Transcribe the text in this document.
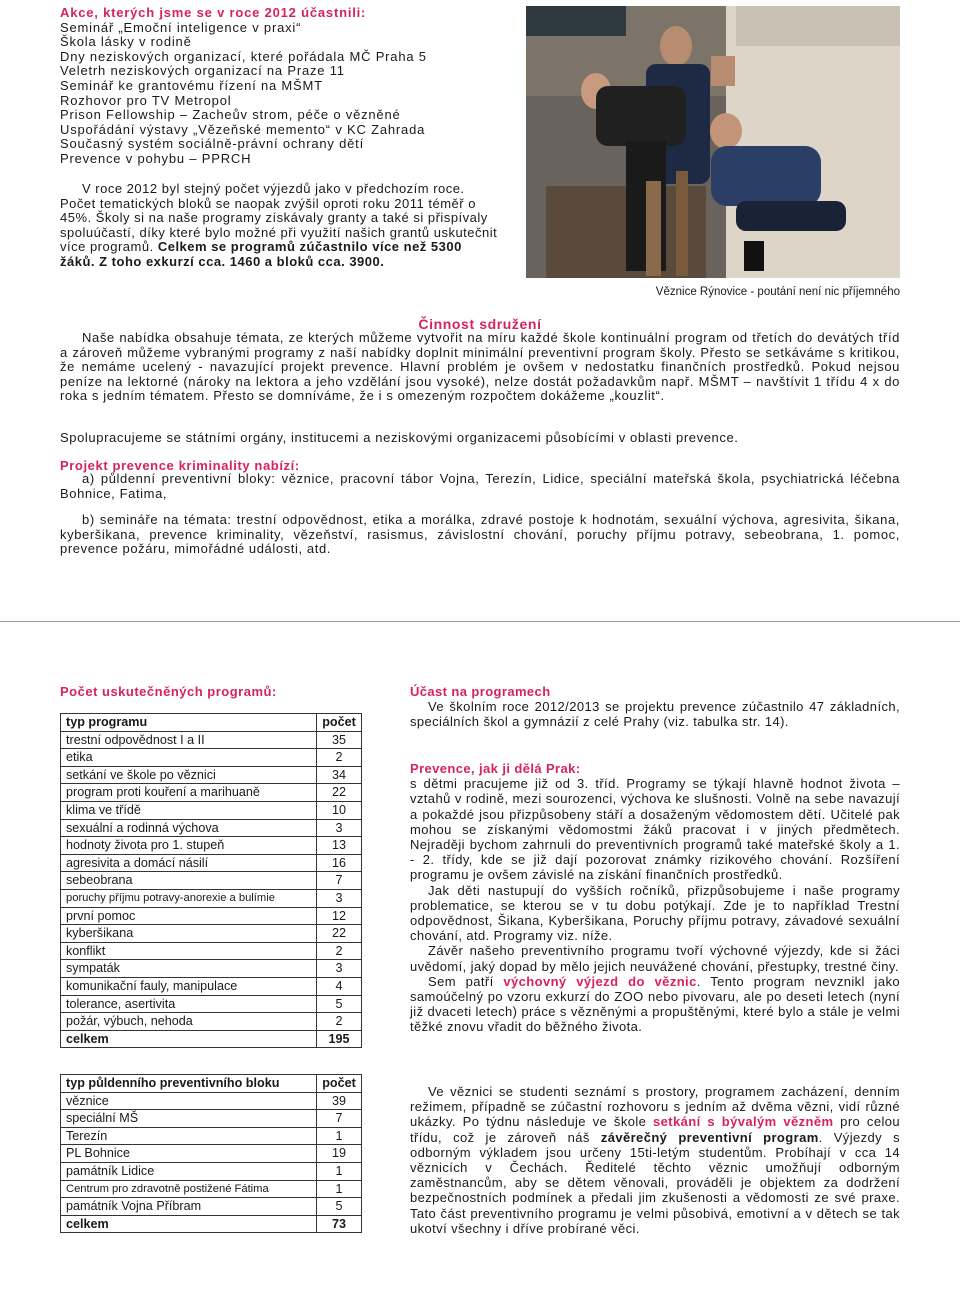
Akce, kterých jsme se v roce 2012 účastnili:
Seminář „Emoční inteligence v praxi“
Škola lásky v rodině
Dny neziskových organizací, které pořádala MČ Praha 5
Veletrh neziskových organizací na Praze 11
Seminář ke grantovému řízení na MŠMT
Rozhovor pro TV Metropol
Prison Fellowship – Zacheův strom, péče o vězněné
Uspořádání výstavy „Vězeňské memento“ v KC Zahrada
Současný systém sociálně-právní ochrany dětí
Prevence v pohybu – PPRCH

V roce 2012 byl stejný počet výjezdů jako v předchozím roce. Počet tematických bloků se naopak zvýšil oproti roku 2011 téměř o 45%. Školy si na naše programy získávaly granty a také si přispívaly spoluúčastí, díky které bylo možné při využití našich grantů uskutečnit více programů. Celkem se programů zúčastnilo více než 5300 žáků. Z toho exkurzí cca. 1460 a bloků cca. 3900.

Věznice Rýnovice - poutání není nic příjemného
Činnost sdružení
Naše nabídka obsahuje témata, ze kterých můžeme vytvořit na míru každé škole kontinuální program od třetích do devátých tříd a zároveň můžeme vybranými programy z naší nabídky doplnit minimální preventivní program školy. Přesto se setkáváme s kritikou, že nemáme ucelený - navazující projekt prevence. Hlavní problém je ovšem v nedostatku finančních prostředků. Pokud nejsou peníze na lektorné (nároky na lektora a jeho vzdělání jsou vysoké), nelze dostát požadavkům např. MŠMT – navštívit 1 třídu 4 x do roka s jedním tématem. Přesto se domníváme, že i s omezeným rozpočtem dokážeme „kouzlit“.
Spolupracujeme se státními orgány, institucemi a neziskovými organizacemi působícími v oblasti prevence.
Projekt prevence kriminality nabízí:
a) půldenní preventivní bloky: věznice, pracovní tábor Vojna, Terezín, Lidice, speciální mateřská škola, psychiatrická léčebna Bohnice, Fatima,
b) semináře na témata: trestní odpovědnost, etika a morálka, zdravé postoje k hodnotám, sexuální výchova, agresivita, šikana, kyberšikana, prevence kriminality, vězeňství, rasismus, závislostní chování, poruchy příjmu potravy, sebeobrana, 1. pomoc, prevence požáru, mimořádné události, atd.
Počet uskutečněných programů:
typ programu	počet
trestní odpovědnost I a II	35
etika	2
setkání ve škole po věznici	34
program proti kouření a marihuaně	22
klima ve třídě	10
sexuální a rodinná výchova	3
hodnoty života pro 1. stupeň	13
agresivita a domácí násilí	16
sebeobrana	7
poruchy příjmu potravy-anorexie a bulímie	3
první pomoc	12
kyberšikana	22
konflikt	2
sympaták	3
komunikační fauly, manipulace	4
tolerance, asertivita	5
požár, výbuch, nehoda	2
celkem	195
typ půldenního preventivního bloku	počet
věznice	39
speciální MŠ	7
Terezín	1
PL Bohnice	19
památník Lidice	1
Centrum pro zdravotně postižené Fátima	1
památník Vojna Příbram	5
celkem	73

Účast na programech

Ve školním roce 2012/2013 se projektu prevence zúčastnilo 47 základních, speciálních škol a gymnázií z celé Prahy (viz. tabulka str. 14).

Prevence, jak ji dělá Prak:

s dětmi pracujeme již od 3. tříd. Programy se týkají hlavně hodnot života – vztahů v rodině, mezi sourozenci, výchova ke slušnosti. Volně na sebe navazují a pokaždé jsou přizpůsobeny stáří a dosaženým vědomostem dětí. Učitelé pak mohou se získanými vědomostmi žáků pracovat i v jiných předmětech. Nejraději bychom zahrnuli do preventivních programů také mateřské školy a 1. - 2. třídy, kde se již dají pozorovat známky rizikového chování. Rozšíření programu je ovšem závislé na získání finančních prostředků.

Jak děti nastupují do vyšších ročníků, přizpůsobujeme i naše programy problematice, se kterou se v tu dobu potýkají. Zde je to například Trestní odpovědnost, Šikana, Kyberšikana, Poruchy příjmu potravy, závadové sexuální chování, atd. Programy viz. níže.

Závěr našeho preventivního programu tvoří výchovné výjezdy, kde si žáci uvědomí, jaký dopad by mělo jejich neuvážené chování, přestupky, trestné činy.

Sem patří výchovný výjezd do věznic. Tento program nevznikl jako samoúčelný po vzoru exkurzí do ZOO nebo pivovaru, ale po deseti letech (nyní již dvaceti letech) práce s vězněnými a propuštěnými, které bylo a stále je velmi těžké znovu vřadit do běžného života.

Ve věznici se studenti seznámí s prostory, programem zacházení, denním režimem, případně se zúčastní rozhovoru s jedním až dvěma vězni, vidí různé ukázky. Po týdnu následuje ve škole setkání s bývalým vězněm pro celou třídu, což je zároveň náš závěrečný preventivní program. Výjezdy s odborným výkladem jsou určeny 15ti-letým studentům. Probíhají v cca 14 věznicích v Čechách. Ředitelé těchto věznic umožňují odborným zaměstnancům, aby se dětem věnovali, prováděli je objektem za dodržení bezpečnostních podmínek a předali jim zkušenosti a vědomosti ze své praxe. Tato část preventivního programu je velmi působivá, emotivní a v dětech se tak ukotví všechny i dříve probírané věci.
